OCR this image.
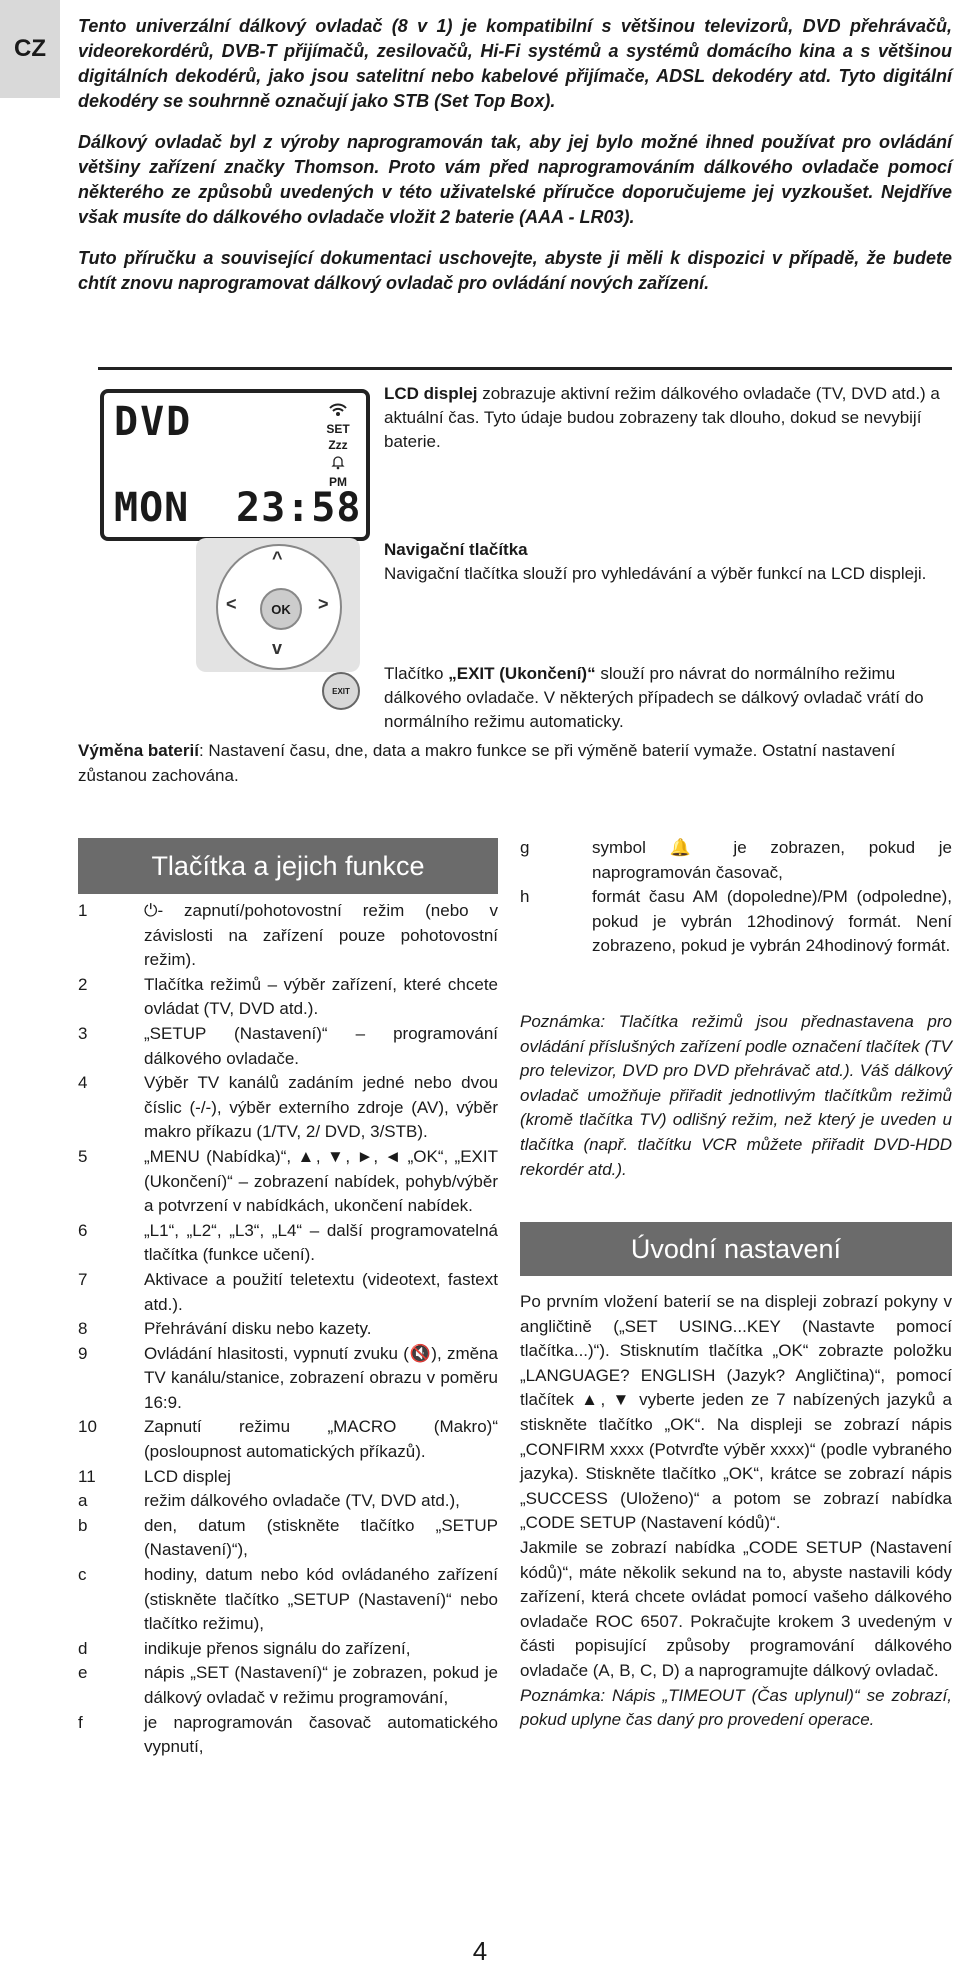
CZ

Tento univerzální dálkový ovladač (8 v 1) je kompatibilní s většinou televizorů, DVD přehrávačů, videorekordérů, DVB-T přijímačů, zesilovačů, Hi-Fi systémů a systémů domácího kina a s většinou digitálních dekodérů, jako jsou satelitní nebo kabelové přijímače, ADSL dekodéry atd. Tyto digitální dekodéry se souhrnně označují jako STB (Set Top Box).

Dálkový ovladač byl z výroby naprogramován tak, aby jej bylo možné ihned používat pro ovládání většiny zařízení značky Thomson. Proto vám před naprogramováním dálkového ovladače pomocí některého ze způsobů uvedených v této uživatelské příručce doporučujeme jej vyzkoušet. Nejdříve však musíte do dálkového ovladače vložit 2 baterie (AAA - LR03).

Tuto příručku a související dokumentaci uschovejte, abyste ji měli k dispozici v případě, že budete chtít znovu naprogramovat dálkový ovladač pro ovládání nových zařízení.

DVD	SET
Zzz
PM
MON 23:58
^
v
<	>
OK
EXIT
LCD displej zobrazuje aktivní režim dálkového ovladače (TV, DVD atd.) a aktuální čas. Tyto údaje budou zobrazeny tak dlouho, dokud se nevybijí baterie.
Navigační tlačítka
Navigační tlačítka slouží pro vyhledávání a výběr funkcí na LCD displeji.
Tlačítko „EXIT (Ukončení)“ slouží pro návrat do normálního režimu dálkového ovladače. V některých případech se dálkový ovladač vrátí do normálního režimu automaticky.
Výměna baterií: Nastavení času, dne, data a makro funkce se při výměně baterií vymaže. Ostatní nastavení zůstanou zachována.
Tlačítka a jejich funkce
1	⏻- zapnutí/pohotovostní režim (nebo v závislosti na zařízení pouze pohotovostní režim).

2	Tlačítka režimů – výběr zařízení, které chcete ovládat (TV, DVD atd.).

3	„SETUP (Nastavení)“ – programování dálkového ovladače.

4	Výběr TV kanálů zadáním jedné nebo dvou číslic (-/-), výběr externího zdroje (AV), výběr makro příkazu (1/TV, 2/ DVD, 3/STB).

5	„MENU (Nabídka)“, ▲, ▼, ►, ◄ „OK“, „EXIT (Ukončení)“ – zobrazení nabídek, pohyb/výběr a potvrzení v nabídkách, ukončení nabídek.

6	„L1“, „L2“, „L3“, „L4“ – další programovatelná tlačítka (funkce učení).

7	Aktivace a použití teletextu (videotext, fastext atd.).

8	Přehrávání disku nebo kazety.

9	Ovládání hlasitosti, vypnutí zvuku (🔇), změna TV kanálu/stanice, zobrazení obrazu v poměru 16:9.

10	Zapnutí režimu „MACRO (Makro)“ (posloupnost automatických příkazů).

11	LCD displej

a	režim dálkového ovladače (TV, DVD atd.),

b	den, datum (stiskněte tlačítko „SETUP (Nastavení)“),

c	hodiny, datum nebo kód ovládaného zařízení (stiskněte tlačítko „SETUP (Nastavení)“ nebo tlačítko režimu),

d	indikuje přenos signálu do zařízení,

e	nápis „SET (Nastavení)“ je zobrazen, pokud je dálkový ovladač v režimu programování,

f	je naprogramován časovač automatického vypnutí,

g	symbol 🔔 je zobrazen, pokud je naprogramován časovač,

h	formát času AM (dopoledne)/PM (odpoledne), pokud je vybrán 12hodinový formát. Není zobrazeno, pokud je vybrán 24hodinový formát.

Poznámka: Tlačítka režimů jsou přednastavena pro ovládání příslušných zařízení podle označení tlačítek (TV pro televizor, DVD pro DVD přehrávač atd.). Váš dálkový ovladač umožňuje přiřadit jednotlivým tlačítkům režimů (kromě tlačítka TV) odlišný režim, než který je uveden u tlačítka (např. tlačítku VCR můžete přiřadit DVD-HDD rekordér atd.).
Úvodní nastavení

Po prvním vložení baterií se na displeji zobrazí pokyny v angličtině („SET USING...KEY (Nastavte pomocí tlačítka...)“). Stisknutím tlačítka „OK“ zobrazte položku „LANGUAGE? ENGLISH (Jazyk? Angličtina)“, pomocí tlačítek ▲, ▼ vyberte jeden ze 7 nabízených jazyků a stiskněte tlačítko „OK“. Na displeji se zobrazí nápis „CONFIRM xxxx (Potvrďte výběr xxxx)“ (podle vybraného jazyka). Stiskněte tlačítko „OK“, krátce se zobrazí nápis „SUCCESS (Uloženo)“ a potom se zobrazí nabídka „CODE SETUP (Nastavení kódů)“.

Jakmile se zobrazí nabídka „CODE SETUP (Nastavení kódů)“, máte několik sekund na to, abyste nastavili kódy zařízení, která chcete ovládat pomocí vašeho dálkového ovladače ROC 6507. Pokračujte krokem 3 uvedeným v části popisující způsoby programování dálkového ovladače (A, B, C, D) a naprogramujte dálkový ovladač.

Poznámka: Nápis „TIMEOUT (Čas uplynul)“ se zobrazí, pokud uplyne čas daný pro provedení operace.

4
